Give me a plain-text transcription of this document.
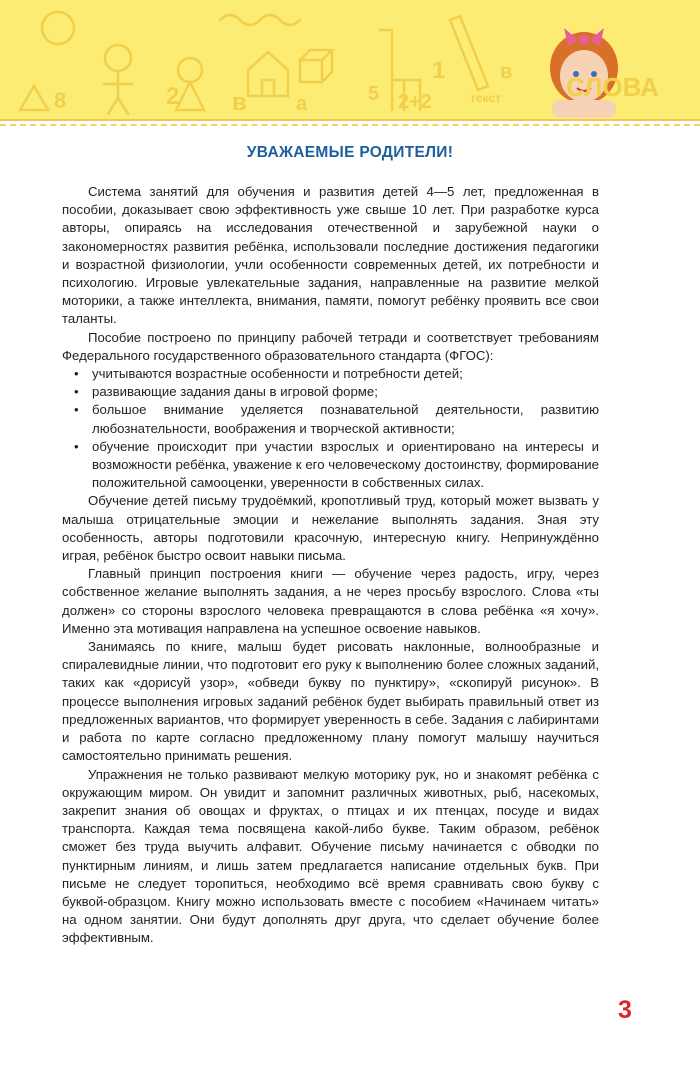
8	2 в
1
2+2	текст
5
а
в СЛОВА
УВАЖАЕМЫЕ РОДИТЕЛИ!

Система занятий для обучения и развития детей 4—5 лет, предложенная в пособии, доказывает свою эффективность уже свыше 10 лет. При разработке курса авторы, опираясь на исследования отечественной и зарубежной науки о закономерностях развития ребёнка, использовали последние достижения педагогики и возрастной физиологии, учли особенности современных детей, их потребности и психологию. Игровые увлекательные задания, направленные на развитие мелкой моторики, а также интеллекта, внимания, памяти, помогут ребёнку проявить все свои таланты.

Пособие построено по принципу рабочей тетради и соответствует требованиям Федерального государственного образовательного стандарта (ФГОС):

• учитываются возрастные особенности и потребности детей;
• развивающие задания даны в игровой форме;
• большое внимание уделяется познавательной деятельности, развитию любознательности, воображения и творческой активности;
• обучение происходит при участии взрослых и ориентировано на интересы и возможности ребёнка, уважение к его человеческому достоинству, формирование положительной самооценки, уверенности в собственных силах.

Обучение детей письму трудоёмкий, кропотливый труд, который может вызвать у малыша отрицательные эмоции и нежелание выполнять задания. Зная эту особенность, авторы подготовили красочную, интересную книгу. Непринуждённо играя, ребёнок быстро освоит навыки письма.

Главный принцип построения книги — обучение через радость, игру, через собственное желание выполнять задания, а не через просьбу взрослого. Слова «ты должен» со стороны взрослого человека превращаются в слова ребёнка «я хочу». Именно эта мотивация направлена на успешное освоение навыков.

Занимаясь по книге, малыш будет рисовать наклонные, волнообразные и спиралевидные линии, что подготовит его руку к выполнению более сложных заданий, таких как «дорисуй узор», «обведи букву по пунктиру», «скопируй рисунок». В процессе выполнения игровых заданий ребёнок будет выбирать правильный ответ из предложенных вариантов, что формирует уверенность в себе. Задания с лабиринтами и работа по карте согласно предложенному плану помогут малышу научиться самостоятельно принимать решения.

Упражнения не только развивают мелкую моторику рук, но и знакомят ребёнка с окружающим миром. Он увидит и запомнит различных животных, рыб, насекомых, закрепит знания об овощах и фруктах, о птицах и их птенцах, посуде и видах транспорта. Каждая тема посвящена какой-либо букве. Таким образом, ребёнок сможет без труда выучить алфавит. Обучение письму начинается с обводки по пунктирным линиям, и лишь затем предлагается написание отдельных букв. При письме не следует торопиться, необходимо всё время сравнивать свою букву с буквой-образцом. Книгу можно использовать вместе с пособием «Начинаем читать» на одном занятии. Они будут дополнять друг друга, что сделает обучение более эффективным.

3
